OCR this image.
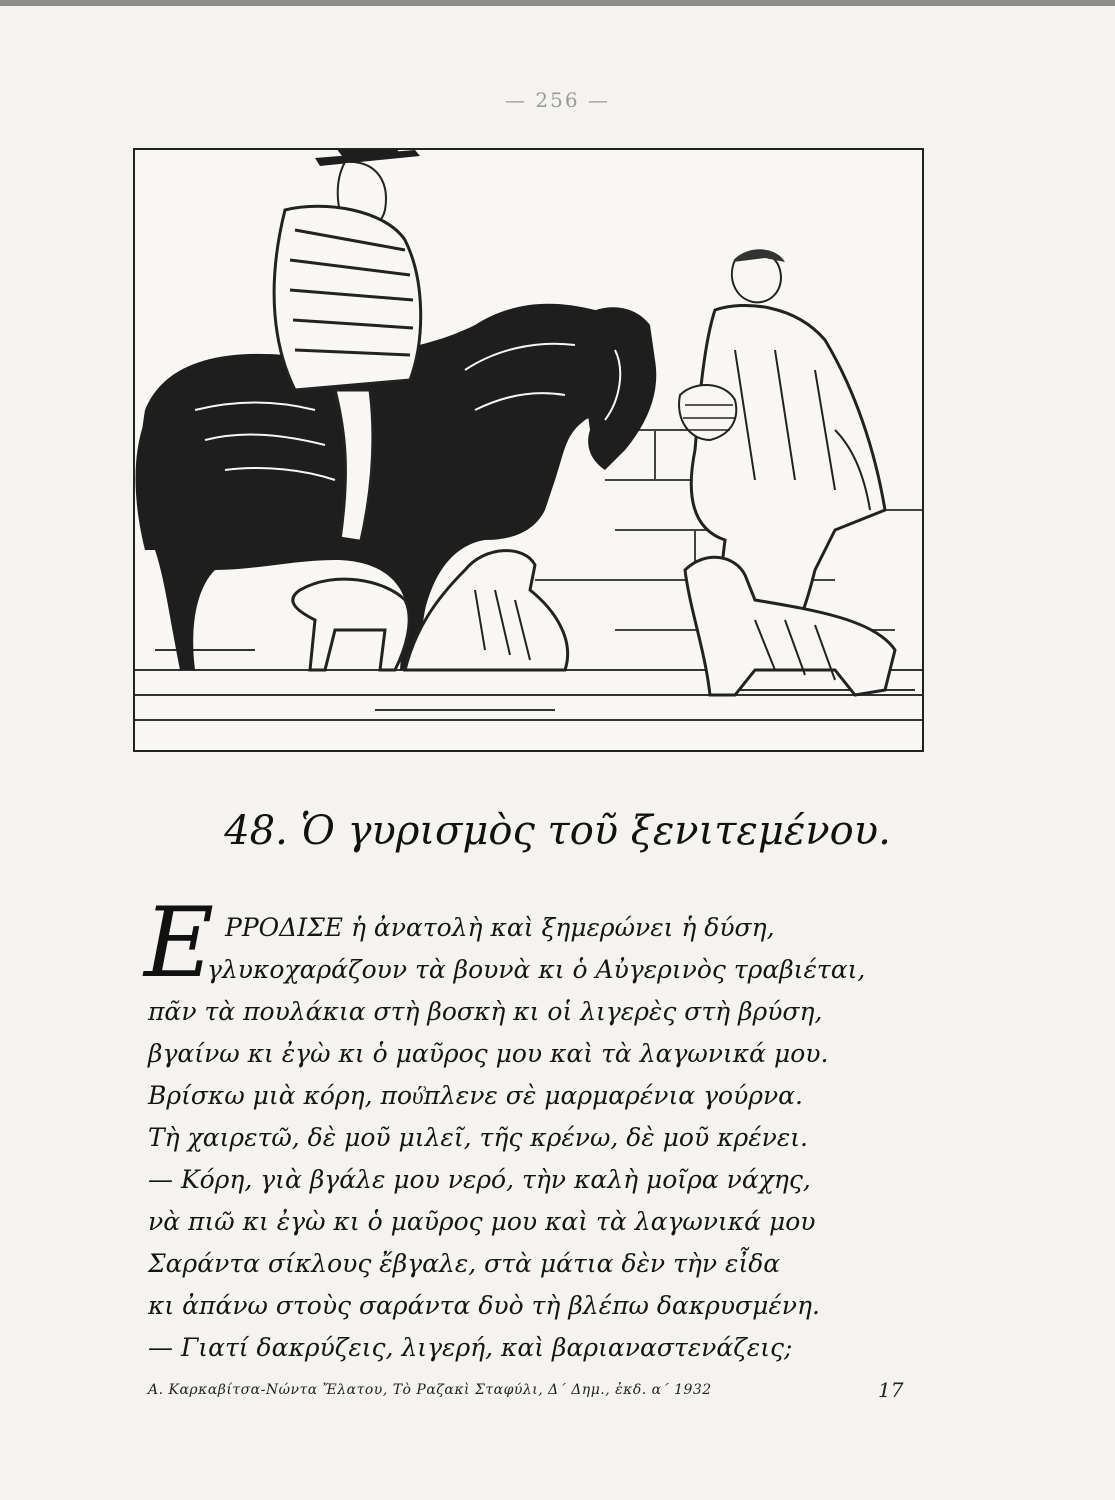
— 256 —
48. Ὁ γυρισμὸς τοῦ ξενιτεμένου.
Ε ΡΡΟΔΙΣΕ ἡ ἀνατολὴ καὶ ξημερώνει ἡ δύση,
γλυκοχαράζουν τὰ βουνὰ κι ὁ Αὐγερινὸς τραβιέται,
πᾶν τὰ πουλάκια στὴ βοσκὴ κι οἱ λιγερὲς στὴ βρύση,
βγαίνω κι ἐγὼ κι ὁ μαῦρος μου καὶ τὰ λαγωνικά μου.
Βρίσκω μιὰ κόρη, πού͗πλενε σὲ μαρμαρένια γούρνα.
Τὴ χαιρετῶ, δὲ μοῦ μιλεῖ, τῆς κρένω, δὲ μοῦ κρένει.
— Κόρη, γιὰ βγάλε μου νερό, τὴν καλὴ μοῖρα νάχης,
νὰ πιῶ κι ἐγὼ κι ὁ μαῦρος μου καὶ τὰ λαγωνικά μου
Σαράντα σίκλους ἔβγαλε, στὰ μάτια δὲν τὴν εἶδα
κι ἀπάνω στοὺς σαράντα δυὸ τὴ βλέπω δακρυσμένη.
— Γιατί δακρύζεις, λιγερή, καὶ βαριαναστενάζεις;
Α. Καρκαβίτσα-Νώντα Ἔλατου, Τὸ Ραζακὶ Σταφύλι, Δ΄ Δημ., ἐκδ. α΄ 1932	17
